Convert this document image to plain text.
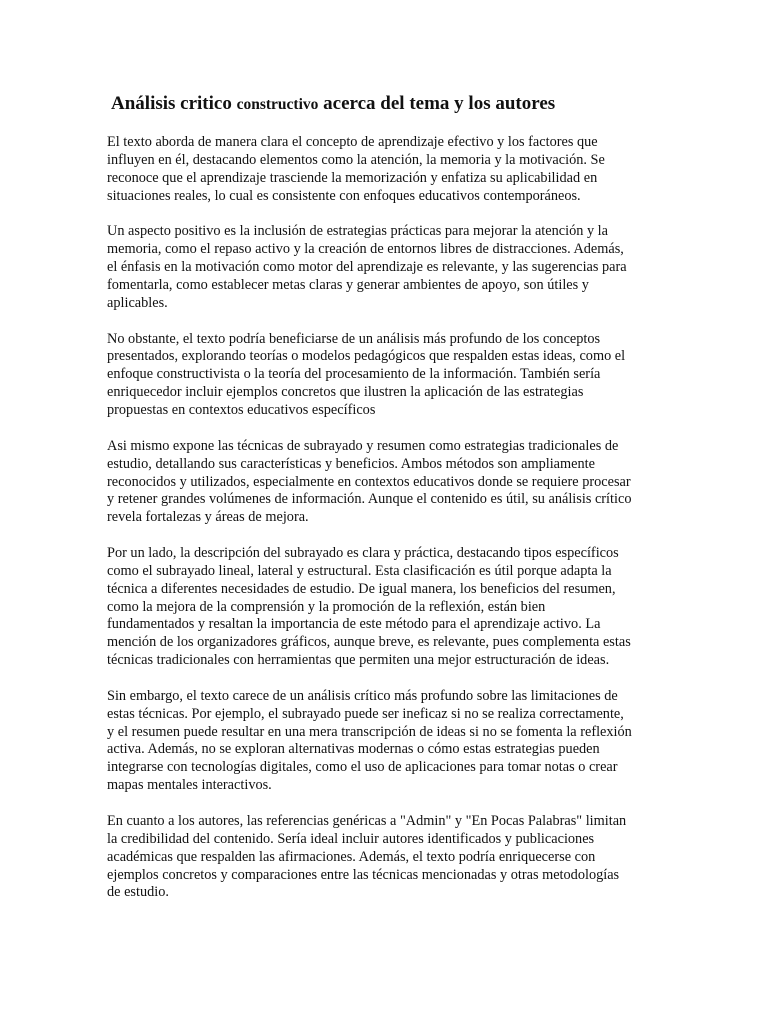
Análisis critico constructivo acerca del tema y los autores

El texto aborda de manera clara el concepto de aprendizaje efectivo y los factores que
influyen en él, destacando elementos como la atención, la memoria y la motivación. Se
reconoce que el aprendizaje trasciende la memorización y enfatiza su aplicabilidad en
situaciones reales, lo cual es consistente con enfoques educativos contemporáneos.

Un aspecto positivo es la inclusión de estrategias prácticas para mejorar la atención y la
memoria, como el repaso activo y la creación de entornos libres de distracciones. Además,
el énfasis en la motivación como motor del aprendizaje es relevante, y las sugerencias para
fomentarla, como establecer metas claras y generar ambientes de apoyo, son útiles y
aplicables.

No obstante, el texto podría beneficiarse de un análisis más profundo de los conceptos
presentados, explorando teorías o modelos pedagógicos que respalden estas ideas, como el
enfoque constructivista o la teoría del procesamiento de la información. También sería
enriquecedor incluir ejemplos concretos que ilustren la aplicación de las estrategias
propuestas en contextos educativos específicos

Asi mismo expone las técnicas de subrayado y resumen como estrategias tradicionales de
estudio, detallando sus características y beneficios. Ambos métodos son ampliamente
reconocidos y utilizados, especialmente en contextos educativos donde se requiere procesar
y retener grandes volúmenes de información. Aunque el contenido es útil, su análisis crítico
revela fortalezas y áreas de mejora.

Por un lado, la descripción del subrayado es clara y práctica, destacando tipos específicos
como el subrayado lineal, lateral y estructural. Esta clasificación es útil porque adapta la
técnica a diferentes necesidades de estudio. De igual manera, los beneficios del resumen,
como la mejora de la comprensión y la promoción de la reflexión, están bien
fundamentados y resaltan la importancia de este método para el aprendizaje activo. La
mención de los organizadores gráficos, aunque breve, es relevante, pues complementa estas
técnicas tradicionales con herramientas que permiten una mejor estructuración de ideas.

Sin embargo, el texto carece de un análisis crítico más profundo sobre las limitaciones de
estas técnicas. Por ejemplo, el subrayado puede ser ineficaz si no se realiza correctamente,
y el resumen puede resultar en una mera transcripción de ideas si no se fomenta la reflexión
activa. Además, no se exploran alternativas modernas o cómo estas estrategias pueden
integrarse con tecnologías digitales, como el uso de aplicaciones para tomar notas o crear
mapas mentales interactivos.

En cuanto a los autores, las referencias genéricas a "Admin" y "En Pocas Palabras" limitan
la credibilidad del contenido. Sería ideal incluir autores identificados y publicaciones
académicas que respalden las afirmaciones. Además, el texto podría enriquecerse con
ejemplos concretos y comparaciones entre las técnicas mencionadas y otras metodologías
de estudio.
